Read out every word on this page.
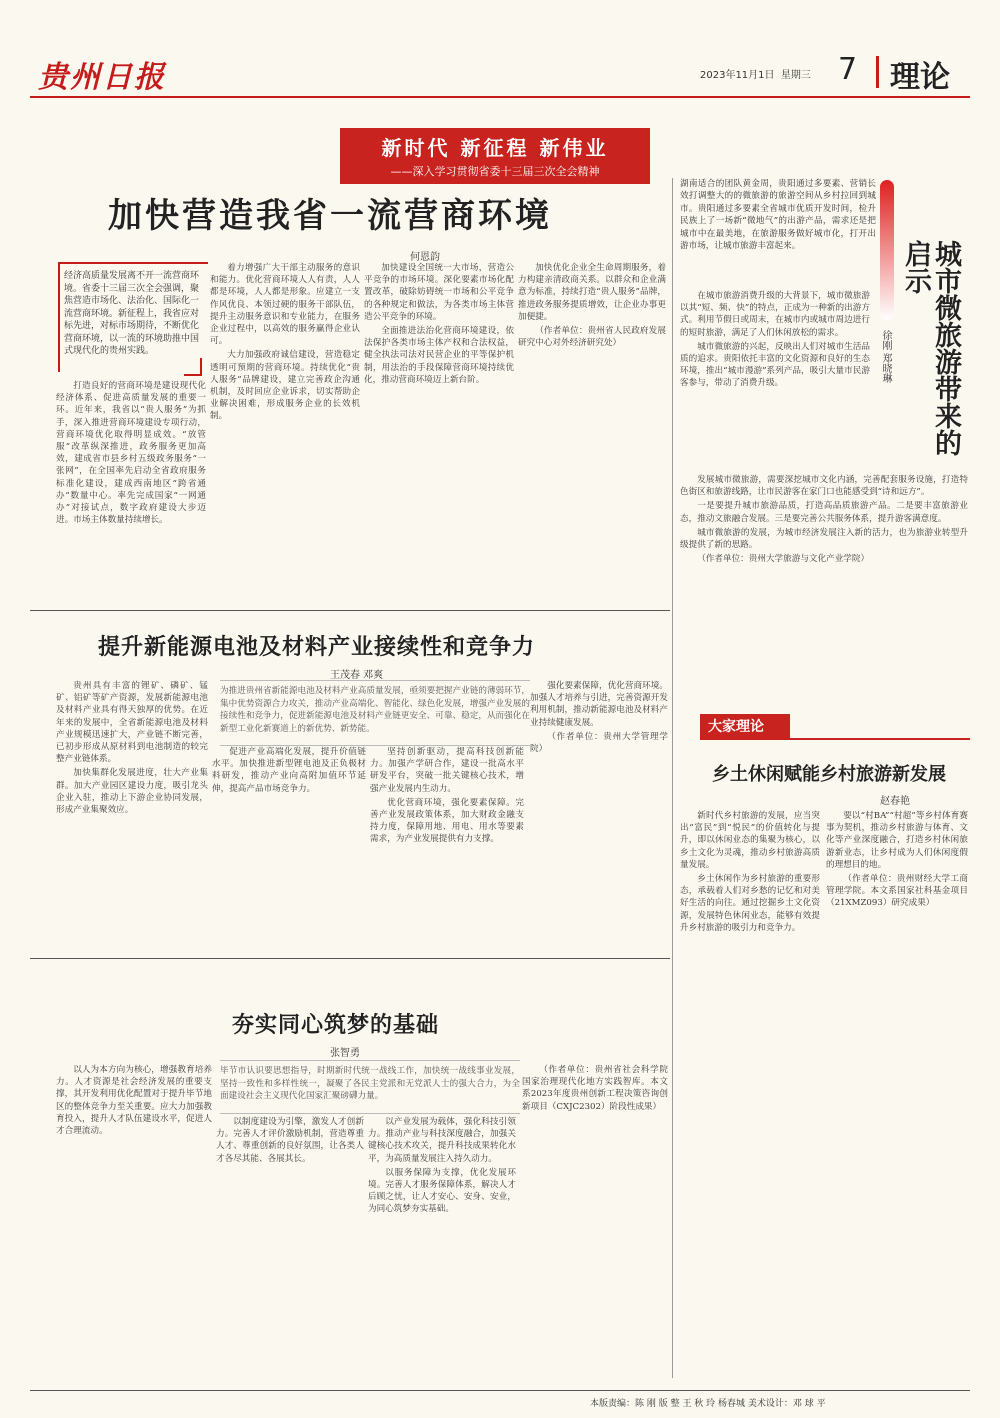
贵州日报	2023年11月1日 星期三 7 理论
新时代 新征程 新伟业
——深入学习贯彻省委十三届三次全会精神
加快营造我省一流营商环境
何恩韵
经济高质量发展离不开一流营商环境。省委十三届三次全会强调，聚焦营造市场化、法治化、国际化一流营商环境。新征程上，我省应对标先进，对标市场期待，不断优化营商环境，以一流的环境助推中国式现代化的贵州实践。

打造良好的营商环境是建设现代化经济体系、促进高质量发展的重要一环。近年来，我省以“贵人服务”为抓手，深入推进营商环境建设专项行动，营商环境优化取得明显成效。“放管服”改革纵深推进，政务服务更加高效，建成省市县乡村五级政务服务“一张网”，在全国率先启动全省政府服务标准化建设，建成西南地区“跨省通办”数量中心。率先完成国家“一网通办”对接试点，数字政府建设大步迈进。市场主体数量持续增长。

着力增强广大干部主动服务的意识和能力。优化营商环境人人有责，人人都是环境，人人都是形象。应建立一支作风优良、本领过硬的服务干部队伍，提升主动服务意识和专业能力，在服务企业过程中，以高效的服务赢得企业认可。

大力加强政府诚信建设，营造稳定透明可预期的营商环境。持续优化“贵人服务”品牌建设，建立完善政企沟通机制，及时回应企业诉求，切实帮助企业解决困难，形成服务企业的长效机制。

加快建设全国统一大市场，营造公平竞争的市场环境。深化要素市场化配置改革，破除妨碍统一市场和公平竞争的各种规定和做法，为各类市场主体营造公平竞争的环境。

全面推进法治化营商环境建设，依法保护各类市场主体产权和合法权益，健全执法司法对民营企业的平等保护机制，用法治的手段保障营商环境持续优化，推动营商环境迈上新台阶。

加快优化企业全生命周期服务，着力构建亲清政商关系。以群众和企业满意为标准，持续打造“贵人服务”品牌，推进政务服务提质增效，让企业办事更加便捷。

（作者单位：贵州省人民政府发展研究中心对外经济研究处）

提升新能源电池及材料产业接续性和竞争力
王茂春 邓爽
为推进贵州省新能源电池及材料产业高质量发展，亟须要把握产业链的薄弱环节，集中优势资源合力攻关，推动产业高端化、智能化、绿色化发展，增强产业发展的接续性和竞争力，促进新能源电池及材料产业链更安全、可靠、稳定，从而强化在新型工业化新赛道上的新优势、新势能。

贵州具有丰富的锂矿、磷矿、锰矿、铝矿等矿产资源，发展新能源电池及材料产业具有得天独厚的优势。在近年来的发展中，全省新能源电池及材料产业规模迅速扩大，产业链不断完善，已初步形成从原材料到电池制造的较完整产业链体系。

加快集群化发展进度，壮大产业集群。加大产业园区建设力度，吸引龙头企业入驻，推动上下游企业协同发展，形成产业集聚效应。

促进产业高端化发展，提升价值链水平。加快推进新型锂电池及正负极材料研发，推动产业向高附加值环节延伸，提高产品市场竞争力。

坚持创新驱动，提高科技创新能力。加强产学研合作，建设一批高水平研发平台，突破一批关键核心技术，增强产业发展内生动力。

优化营商环境，强化要素保障。完善产业发展政策体系，加大财政金融支持力度，保障用地、用电、用水等要素需求，为产业发展提供有力支撑。

强化要素保障，优化营商环境。加强人才培养与引进，完善资源开发利用机制，推动新能源电池及材料产业持续健康发展。

（作者单位：贵州大学管理学院）

夯实同心筑梦的基础
张智勇
毕节市认识要思想指导，时期新时代统一战线工作，加快统一战线事业发展，坚持一致性和多样性统一，凝聚了各民主党派和无党派人士的强大合力，为全面建设社会主义现代化国家汇聚磅礴力量。

以人为本方向为核心，增强教育培养力。人才资源是社会经济发展的重要支撑，其开发利用优化配置对于提升毕节地区的整体竞争力至关重要。应大力加强教育投入，提升人才队伍建设水平，促进人才合理流动。

以制度建设为引擎，激发人才创新力。完善人才评价激励机制，营造尊重人才、尊重创新的良好氛围，让各类人才各尽其能、各展其长。

以产业发展为载体，强化科技引领力。推动产业与科技深度融合，加强关键核心技术攻关，提升科技成果转化水平，为高质量发展注入持久动力。

以服务保障为支撑，优化发展环境。完善人才服务保障体系，解决人才后顾之忧，让人才安心、安身、安业，为同心筑梦夯实基础。

（作者单位：贵州省社会科学院国家治理现代化地方实践智库。本文系2023年度贵州创新工程决策咨询创新项目（CXJC2302）阶段性成果）

湖南适合的团队黄金周，贵阳通过多要素、营销长效打调整大的的微旅游的旅游空间从乡村拉回到城市。贵阳通过多要素全省城市优质开发时间，检升民族上了一场新“微地气”的出游产品，需求还是把城市中在最美地，在旅游服务做好城市化，打开出游市场，让城市旅游丰富起来。	城市微旅游带来的启示
徐刚 郑晓琳

在城市旅游消费升级的大背景下，城市微旅游以其“短、频、快”的特点，正成为一种新的出游方式。利用节假日或周末，在城市内或城市周边进行的短时旅游，满足了人们休闲放松的需求。

城市微旅游的兴起，反映出人们对城市生活品质的追求。贵阳依托丰富的文化资源和良好的生态环境，推出“城市漫游”系列产品，吸引大量市民游客参与，带动了消费升级。

发展城市微旅游，需要深挖城市文化内涵，完善配套服务设施，打造特色街区和旅游线路，让市民游客在家门口也能感受到“诗和远方”。

一是要提升城市旅游品质，打造高品质旅游产品。二是要丰富旅游业态，推动文旅融合发展。三是要完善公共服务体系，提升游客满意度。

城市微旅游的发展，为城市经济发展注入新的活力，也为旅游业转型升级提供了新的思路。

（作者单位：贵州大学旅游与文化产业学院）

大家理论
乡土休闲赋能乡村旅游新发展
赵春艳

新时代乡村旅游的发展，应当突出“富民”到“悦民”的价值转化与提升，即以休闲业态的集聚为核心，以乡土文化为灵魂，推动乡村旅游高质量发展。

乡土休闲作为乡村旅游的重要形态，承载着人们对乡愁的记忆和对美好生活的向往。通过挖掘乡土文化资源，发展特色休闲业态，能够有效提升乡村旅游的吸引力和竞争力。

要以“村BA”“村超”等乡村体育赛事为契机，推动乡村旅游与体育、文化等产业深度融合，打造乡村休闲旅游新业态，让乡村成为人们休闲度假的理想目的地。

（作者单位：贵州财经大学工商管理学院。本文系国家社科基金项目（21XMZ093）研究成果）

本版责编：陈 刚 版 整 王 秋 玲 杨春城 美术设计：邓 球 平
